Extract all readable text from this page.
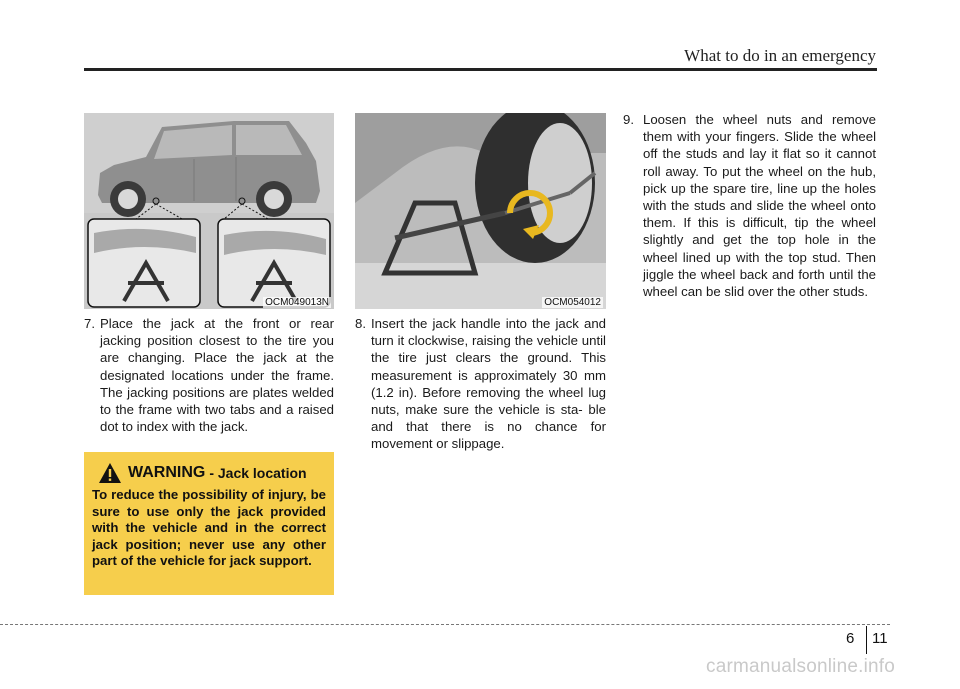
What to do in an emergency
OCM049013N	OCM054012
7. Place the jack at the front or rear jacking position closest to the tire you are changing. Place the jack at the designated locations under the frame. The jacking positions are plates welded to the frame with two tabs and a raised dot to index with the jack.
8. Insert the jack handle into the jack and turn it clockwise, raising the vehicle until the tire just clears the ground. This measurement is approximately 30 mm (1.2 in). Before removing the wheel lug nuts, make sure the vehicle is sta- ble and that there is no chance for movement or slippage.
9. Loosen the wheel nuts and remove them with your fingers. Slide the wheel off the studs and lay it flat so it cannot roll away. To put the wheel on the hub, pick up the spare tire, line up the holes with the studs and slide the wheel onto them. If this is difficult, tip the wheel slightly and get the top hole in the wheel lined up with the top stud. Then jiggle the wheel back and forth until the wheel can be slid over the other studs.
WARNING - Jack location
To reduce the possibility of injury, be sure to use only the jack provided with the vehicle and in the correct jack position; never use any other part of the vehicle for jack support.
6 11
carmanualsonline.info
